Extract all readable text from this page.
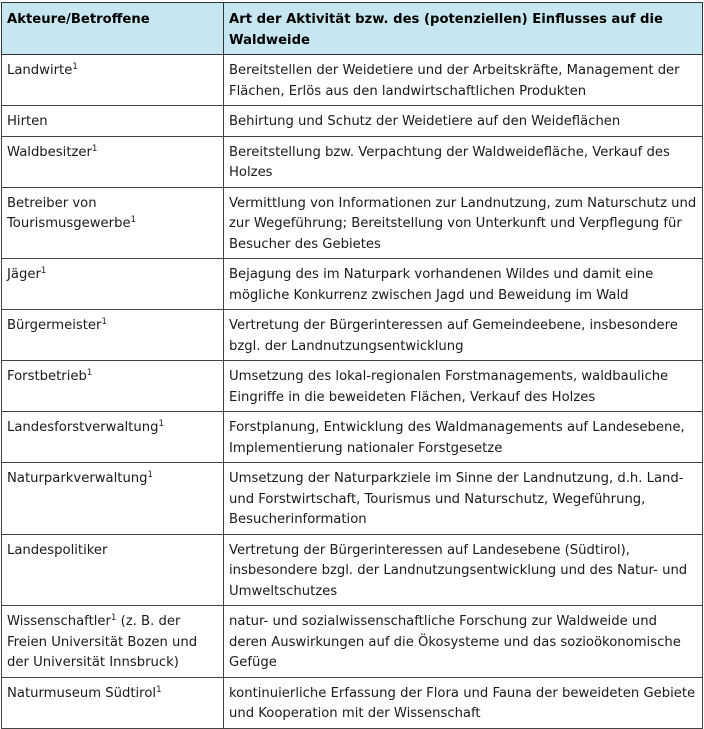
Akteure/Betroffene	Art der Aktivität bzw. des (potenziellen) Einflusses auf die Waldweide
Landwirte$^1$	Bereitstellen der Weidetiere und der Arbeitskräfte, Management der Flächen, Erlös aus den landwirtschaftlichen Produkten
Hirten	Behirtung und Schutz der Weidetiere auf den Weideflächen
Waldbesitzer$^1$	Bereitstellung bzw. Verpachtung der Waldweidefläche, Verkauf des Holzes
Betreiber von Tourismusgewerbe$^1$	Vermittlung von Informationen zur Landnutzung, zum Naturschutz und zur Wegeführung; Bereitstellung von Unterkunft und Verpflegung für Besucher des Gebietes
Jäger$^1$	Bejagung des im Naturpark vorhandenen Wildes und damit eine mögliche Konkurrenz zwischen Jagd und Beweidung im Wald
Bürgermeister$^1$	Vertretung der Bürgerinteressen auf Gemeindeebene, insbesondere bzgl. der Landnutzungsentwicklung
Forstbetrieb$^1$	Umsetzung des lokal-regionalen Forstmanagements, waldbauliche Eingriffe in die beweideten Flächen, Verkauf des Holzes
Landesforstverwaltung$^1$	Forstplanung, Entwicklung des Waldmanagements auf Landesebene, Implementierung nationaler Forstgesetze
Naturparkverwaltung$^1$	Umsetzung der Naturparkziele im Sinne der Landnutzung, d.h. Land- und Forstwirtschaft, Tourismus und Naturschutz, Wegeführung, Besucherinformation
Landespolitiker	Vertretung der Bürgerinteressen auf Landesebene (Südtirol), insbesondere bzgl. der Landnutzungsentwicklung und des Natur- und Umweltschutzes
Wissenschaftler$^1$ (z. B. der Freien Universität Bozen und der Universität Innsbruck)	natur- und sozialwissenschaftliche Forschung zur Waldweide und deren Auswirkungen auf die Ökosysteme und das sozioökonomische Gefüge
Naturmuseum Südtirol$^1$	kontinuierliche Erfassung der Flora und Fauna der beweideten Gebiete und Kooperation mit der Wissenschaft
